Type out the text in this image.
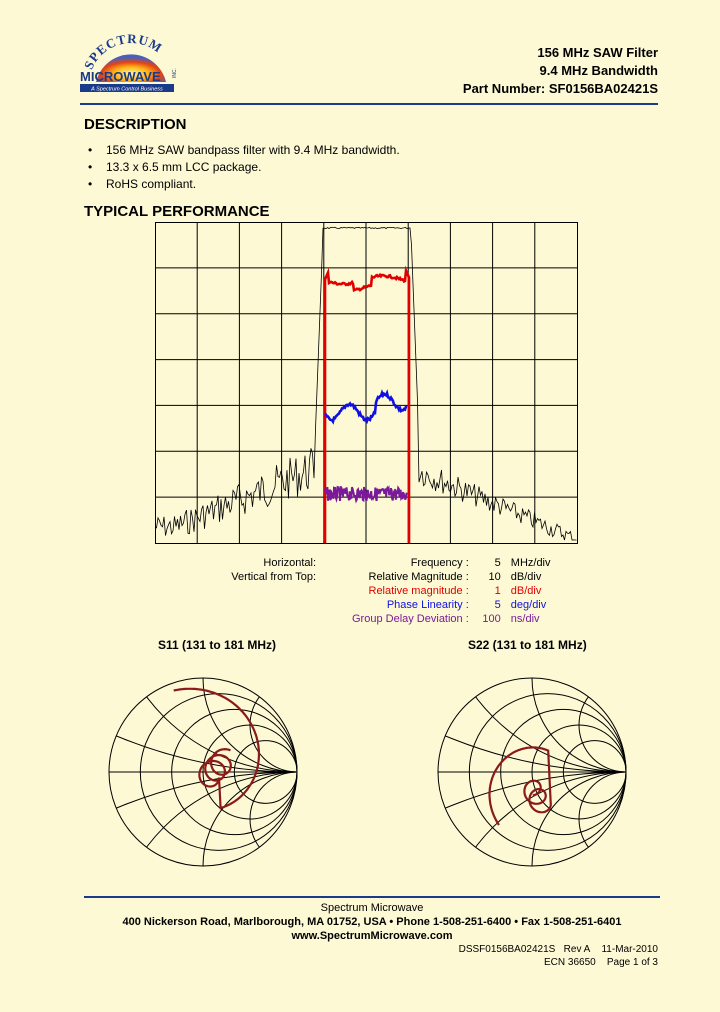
SPECTRUM
MICROWAVE INC.
A Spectrum Control Business
156 MHz SAW Filter
9.4 MHz Bandwidth
Part Number: SF0156BA02421S
DESCRIPTION
• 156 MHz SAW bandpass filter with 9.4 MHz bandwidth.
• 13.3 x 6.5 mm LCC package.
• RoHS compliant.
TYPICAL PERFORMANCE
Horizontal:	Frequency :	5	MHz/div
Vertical from Top:	Relative Magnitude :	10	dB/div
	Relative magnitude :	1	dB/div
	Phase Linearity :	5	deg/div
	Group Delay Deviation :	100	ns/div
S11 (131 to 181 MHz)	S22 (131 to 181 MHz)
Spectrum Microwave
400 Nickerson Road, Marlborough, MA 01752, USA • Phone 1-508-251-6400 • Fax 1-508-251-6401
www.SpectrumMicrowave.com
DSSF0156BA02421S Rev A 11-Mar-2010
ECN 36650 Page 1 of 3
